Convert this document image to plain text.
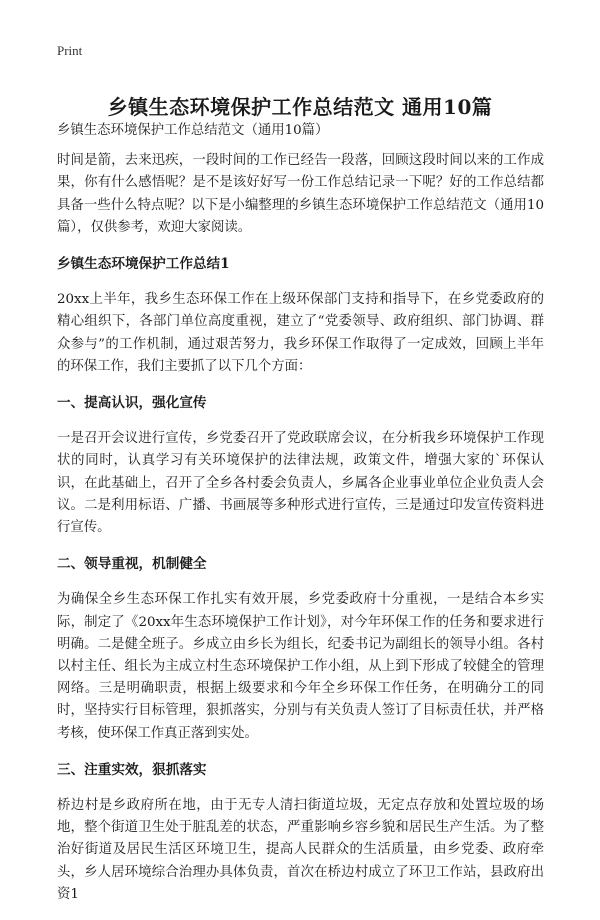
Print
乡镇生态环境保护工作总结范文 通用10篇

乡镇生态环境保护工作总结范文（通用10篇）

时间是箭，去来迅疾，一段时间的工作已经告一段落，回顾这段时间以来的工作成果，你有什么感悟呢？是不是该好好写一份工作总结记录一下呢？好的工作总结都具备一些什么特点呢？以下是小编整理的乡镇生态环境保护工作总结范文（通用10篇），仅供参考，欢迎大家阅读。

乡镇生态环境保护工作总结1

20xx上半年，我乡生态环保工作在上级环保部门支持和指导下，在乡党委政府的精心组织下，各部门单位高度重视，建立了“党委领导、政府组织、部门协调、群众参与”的工作机制，通过艰苦努力，我乡环保工作取得了一定成效，回顾上半年的环保工作，我们主要抓了以下几个方面：

一、提高认识，强化宣传

一是召开会议进行宣传，乡党委召开了党政联席会议，在分析我乡环境保护工作现状的同时，认真学习有关环境保护的法律法规，政策文件，增强大家的`环保认识，在此基础上，召开了全乡各村委会负责人，乡属各企业事业单位企业负责人会议。二是利用标语、广播、书画展等多种形式进行宣传，三是通过印发宣传资料进行宣传。

二、领导重视，机制健全

为确保全乡生态环保工作扎实有效开展，乡党委政府十分重视，一是结合本乡实际，制定了《20xx年生态环境保护工作计划》，对今年环保工作的任务和要求进行明确。二是健全班子。乡成立由乡长为组长，纪委书记为副组长的领导小组。各村以村主任、组长为主成立村生态环境保护工作小组，从上到下形成了较健全的管理网络。三是明确职责，根据上级要求和今年全乡环保工作任务，在明确分工的同时，坚持实行目标管理，狠抓落实，分别与有关负责人签订了目标责任状，并严格考核，使环保工作真正落到实处。

三、注重实效，狠抓落实

桥边村是乡政府所在地，由于无专人清扫街道垃圾，无定点存放和处置垃圾的场地，整个街道卫生处于脏乱差的状态，严重影响乡容乡貌和居民生产生活。为了整治好街道及居民生活区环境卫生，提高人民群众的生活质量，由乡党委、政府牵头，乡人居环境综合治理办具体负责，首次在桥边村成立了环卫工作站，县政府出资1
